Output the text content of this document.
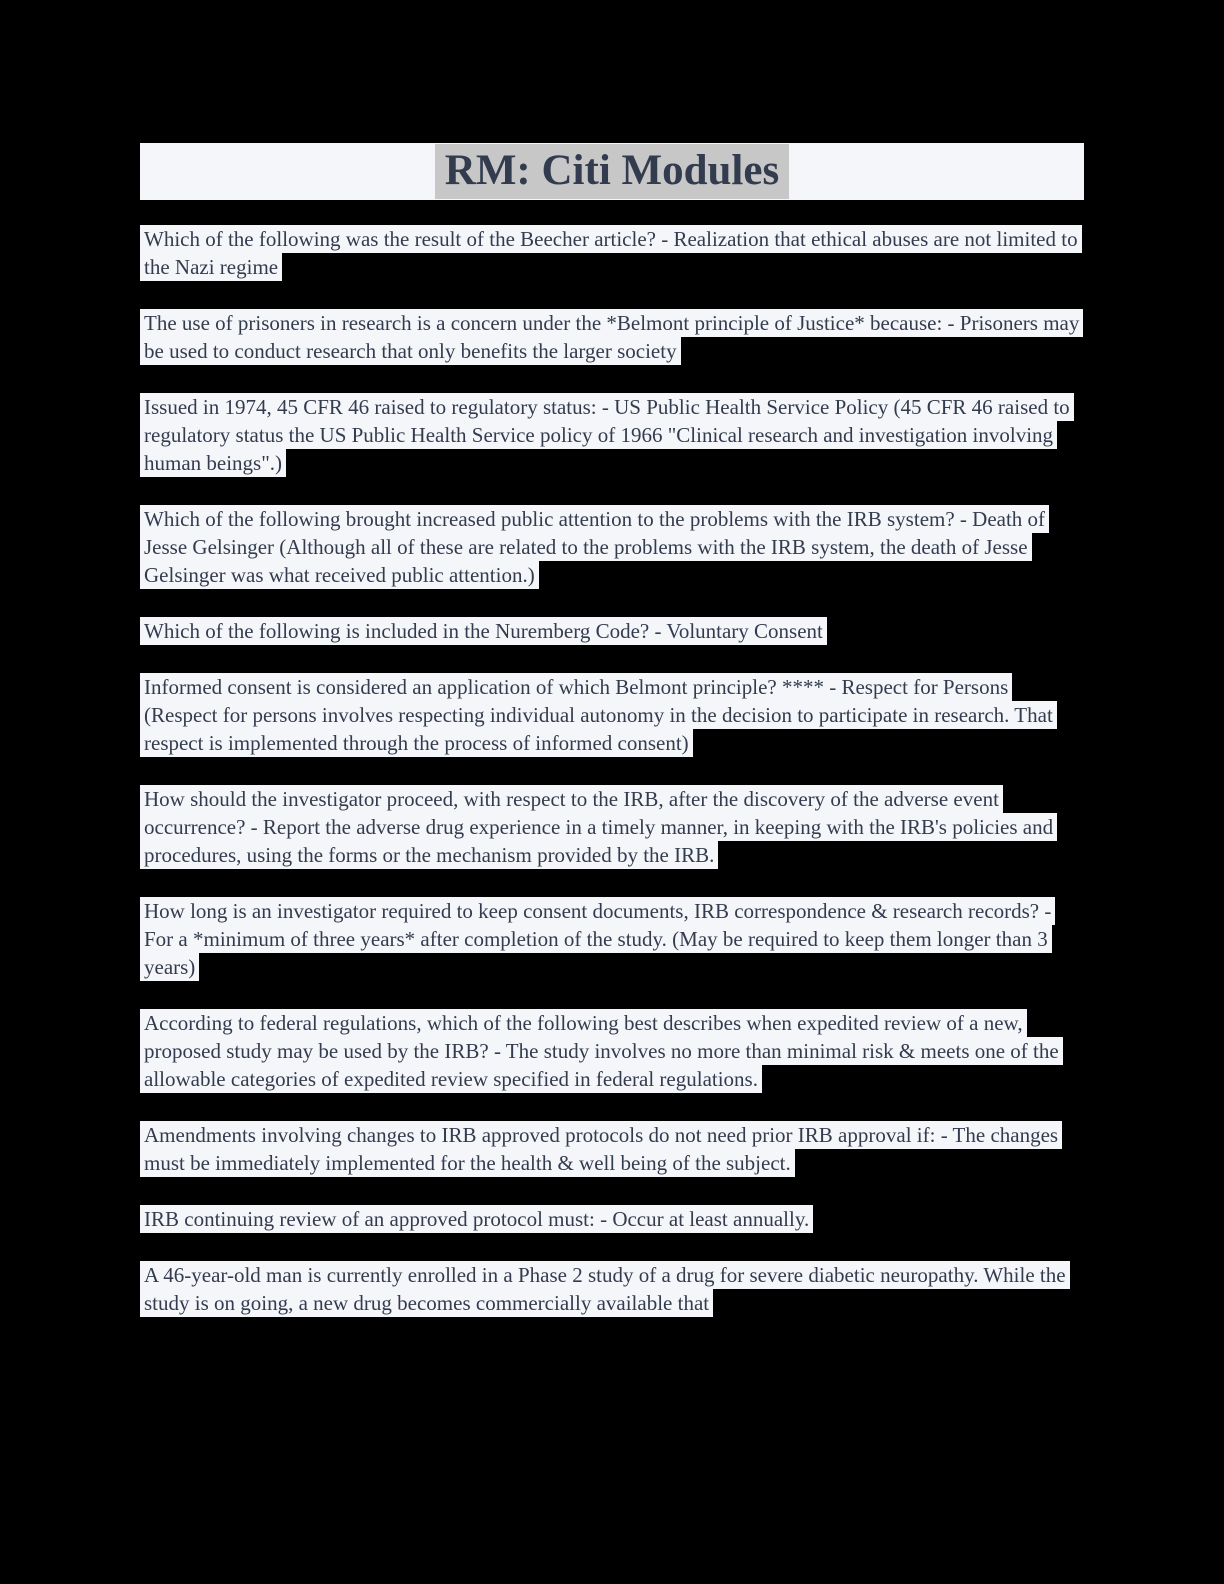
RM: Citi Modules

Which of the following was the result of the Beecher article? - Realization that ethical abuses are not limited to the Nazi regime

The use of prisoners in research is a concern under the *Belmont principle of Justice* because: - Prisoners may be used to conduct research that only benefits the larger society

Issued in 1974, 45 CFR 46 raised to regulatory status: - US Public Health Service Policy (45 CFR 46 raised to regulatory status the US Public Health Service policy of 1966 "Clinical research and investigation involving human beings".)

Which of the following brought increased public attention to the problems with the IRB system? - Death of Jesse Gelsinger (Although all of these are related to the problems with the IRB system, the death of Jesse Gelsinger was what received public attention.)

Which of the following is included in the Nuremberg Code? - Voluntary Consent

Informed consent is considered an application of which Belmont principle? **** - Respect for Persons (Respect for persons involves respecting individual autonomy in the decision to participate in research. That respect is implemented through the process of informed consent)

How should the investigator proceed, with respect to the IRB, after the discovery of the adverse event occurrence? - Report the adverse drug experience in a timely manner, in keeping with the IRB's policies and procedures, using the forms or the mechanism provided by the IRB.

How long is an investigator required to keep consent documents, IRB correspondence & research records? - For a *minimum of three years* after completion of the study. (May be required to keep them longer than 3 years)

According to federal regulations, which of the following best describes when expedited review of a new, proposed study may be used by the IRB? - The study involves no more than minimal risk & meets one of the allowable categories of expedited review specified in federal regulations.

Amendments involving changes to IRB approved protocols do not need prior IRB approval if: - The changes must be immediately implemented for the health & well being of the subject.

IRB continuing review of an approved protocol must: - Occur at least annually.

A 46-year-old man is currently enrolled in a Phase 2 study of a drug for severe diabetic neuropathy. While the study is on going, a new drug becomes commercially available that
